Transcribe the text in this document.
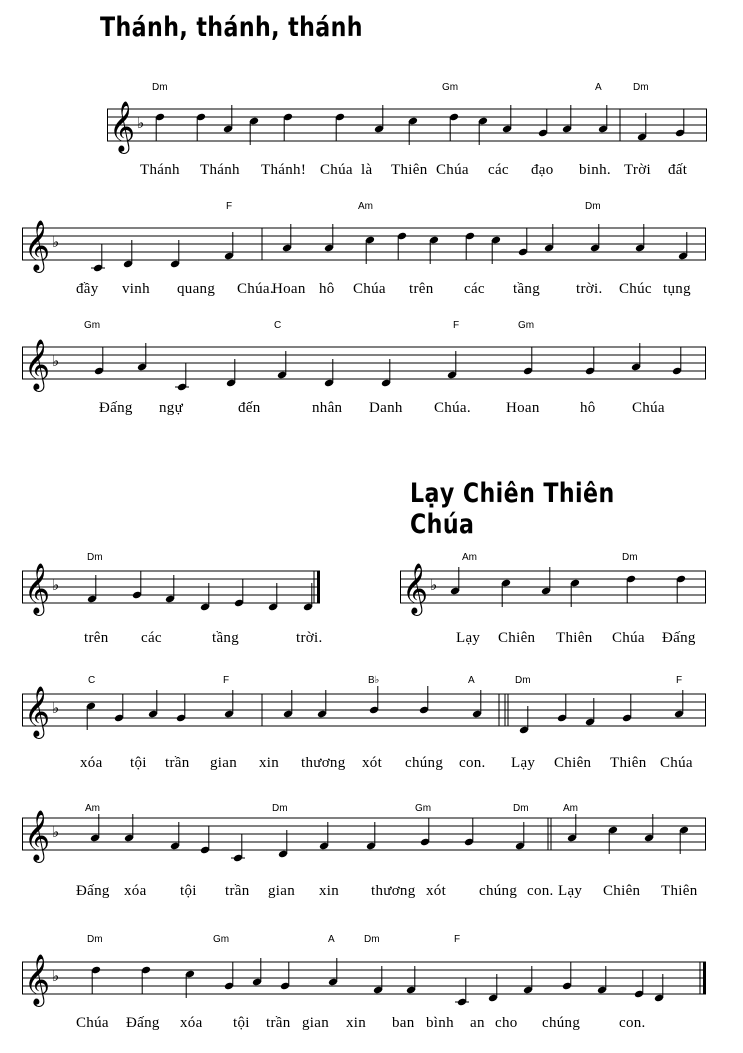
Thánh, thánh, thánh
Lạy Chiên Thiên Chúa
𝄞 ♭
Dm	Gm	A	Dm
Thánh Thánh Thánh! Chúa là Thiên Chúa các đạo binh. Trời đất
𝄞 ♭
F	Am	Dm
đầy vinh quang Chúa.
Hoan hô Chúa trên các tầng trời. Chúc tụng
𝄞 ♭
Gm	C	F	Gm
Đấng ngự	đến	nhân Danh Chúa. Hoan	hô Chúa
𝄞 ♭
Dm
trên các	tầng	trời.
𝄞 ♭
Am	Dm
Lạy Chiên Thiên Chúa Đấng
𝄞 ♭
C	F	B♭	A	Dm	F
xóa tội trần gian xin thương xót chúng con. Lạy Chiên Thiên Chúa
𝄞 ♭
Am	Dm	Gm	Dm	Am
Đấng xóa tội trần gian xin thương xót chúng con. Lạy Chiên Thiên
𝄞 ♭
Dm	Gm	A	Dm	F
Chúa Đấng xóa tội trần gian xin ban bình an cho chúng	con.
